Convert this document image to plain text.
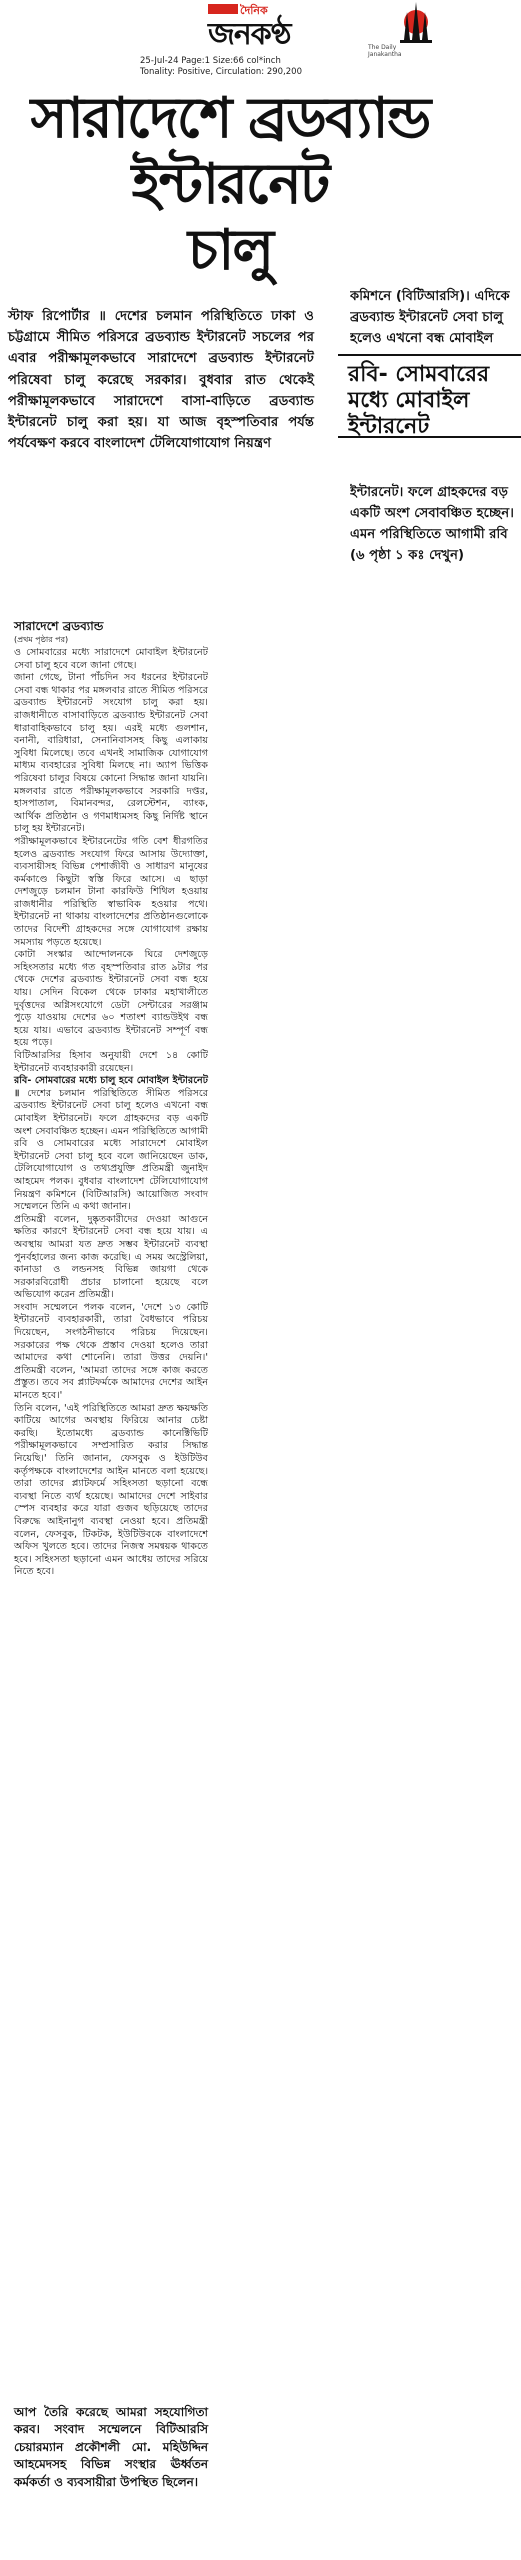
দৈনিক
জনকণ্ঠ	The Daily Janakantha
25-Jul-24 Page:1 Size:66 col*inch
Tonality: Positive, Circulation: 290,200
সারাদেশে ব্রডব্যান্ড
ইন্টারনেট
চালু
স্টাফ রিপোর্টার ॥ দেশের চলমান পরিস্থিতিতে ঢাকা ও চট্টগ্রামে সীমিত পরিসরে ব্রডব্যান্ড ইন্টারনেট সচলের পর এবার পরীক্ষামূলকভাবে সারাদেশে ব্রডব্যান্ড ইন্টারনেট পরিষেবা চালু করেছে সরকার। বুধবার রাত থেকেই পরীক্ষামূলকভাবে সারাদেশে বাসা-বাড়িতে ব্রডব্যান্ড ইন্টারনেট চালু করা হয়। যা আজ বৃহস্পতিবার পর্যন্ত পর্যবেক্ষণ করবে বাংলাদেশ টেলিযোগাযোগ নিয়ন্ত্রণ
কমিশনে (বিটিআরসি)। এদিকে
ব্রডব্যান্ড ইন্টারনেট সেবা চালু
হলেও এখনো বন্ধ মোবাইল
রবি- সোমবারের
মধ্যে মোবাইল
ইন্টারনেট
ইন্টারনেট। ফলে গ্রাহকদের বড়
একটি অংশ সেবাবঞ্চিত হচ্ছেন।
এমন পরিস্থিতিতে আগামী রবি
(৬ পৃষ্ঠা ১ কঃ দেখুন)
সারাদেশে ব্রডব্যান্ড
(প্রথম পৃষ্ঠার পর)

ও সোমবারের মধ্যে সারাদেশে মোবাইল ইন্টারনেট সেবা চালু হবে বলে জানা গেছে।

জানা গেছে, টানা পাঁচদিন সব ধরনের ইন্টারনেট সেবা বন্ধ থাকার পর মঙ্গলবার রাতে সীমিত পরিসরে ব্রডব্যান্ড ইন্টারনেট সংযোগ চালু করা হয়। রাজধানীতে বাসাবাড়িতে ব্রডব্যান্ড ইন্টারনেট সেবা ধারাবাহিকভাবে চালু হয়। এরই মধ্যে গুলশান, বনানী, বারিধারা, সেনানিবাসসহ কিছু এলাকায় সুবিধা মিলেছে। তবে এখনই সামাজিক যোগাযোগ মাধ্যম ব্যবহারের সুবিধা মিলছে না। অ্যাপ ভিত্তিক পরিষেবা চালুর বিষয়ে কোনো সিদ্ধান্ত জানা যায়নি। মঙ্গলবার রাতে পরীক্ষামূলকভাবে সরকারি দপ্তর, হাসপাতাল, বিমানবন্দর, রেলস্টেশন, ব্যাংক, আর্থিক প্রতিষ্ঠান ও গণমাধ্যমসহ কিছু নির্দিষ্ট স্থানে চালু হয় ইন্টারনেট।

পরীক্ষামূলকভাবে ইন্টারনেটের গতি বেশ ধীরগতির হলেও ব্রডব্যান্ড সংযোগ ফিরে আসায় উদ্যোক্তা, ব্যবসায়ীসহ বিভিন্ন পেশাজীবী ও সাধারণ মানুষের কর্মকাণ্ডে কিছুটা স্বস্তি ফিরে আসে। এ ছাড়া দেশজুড়ে চলমান টানা কারফিউ শিথিল হওয়ায় রাজধানীর পরিস্থিতি স্বাভাবিক হওয়ার পথে। ইন্টারনেট না থাকায় বাংলাদেশের প্রতিষ্ঠানগুলোকে তাদের বিদেশী গ্রাহকদের সঙ্গে যোগাযোগ রক্ষায় সমস্যায় পড়তে হয়েছে।

কোটা সংস্কার আন্দোলনকে ঘিরে দেশজুড়ে সহিংসতার মধ্যে গত বৃহস্পতিবার রাত ৯টার পর থেকে দেশের ব্রডব্যান্ড ইন্টারনেট সেবা বন্ধ হয়ে যায়। সেদিন বিকেল থেকে ঢাকার মহাখালীতে দুর্বৃত্তদের অগ্নিসংযোগে ডেটা সেন্টারের সরঞ্জাম পুড়ে যাওয়ায় দেশের ৬০ শতাংশ ব্যান্ডউইথ বন্ধ হয়ে যায়। এভাবে ব্রডব্যান্ড ইন্টারনেট সম্পূর্ণ বন্ধ হয়ে পড়ে।

বিটিআরসির হিসাব অনুযায়ী দেশে ১৪ কোটি ইন্টারনেট ব্যবহারকারী রয়েছেন।

রবি- সোমবারের মধ্যে চালু হবে মোবাইল ইন্টারনেট ॥ দেশের চলমান পরিস্থিতিতে সীমিত পরিসরে ব্রডব্যান্ড ইন্টারনেট সেবা চালু হলেও এখনো বন্ধ মোবাইল ইন্টারনেট। ফলে গ্রাহকদের বড় একটি অংশ সেবাবঞ্চিত হচ্ছেন। এমন পরিস্থিতিতে আগামী রবি ও সোমবারের মধ্যে সারাদেশে মোবাইল ইন্টারনেট সেবা চালু হবে বলে জানিয়েছেন ডাক, টেলিযোগাযোগ ও তথ্যপ্রযুক্তি প্রতিমন্ত্রী জুনাইদ আহমেদ পলক। বুধবার বাংলাদেশ টেলিযোগাযোগ নিয়ন্ত্রণ কমিশনে (বিটিআরসি) আয়োজিত সংবাদ সম্মেলনে তিনি এ কথা জানান।

প্রতিমন্ত্রী বলেন, দুষ্কৃতকারীদের দেওয়া আগুনে ক্ষতির কারণে ইন্টারনেট সেবা বন্ধ হয়ে যায়। এ অবস্থায় আমরা যত দ্রুত সম্ভব ইন্টারনেট ব্যবস্থা পুনর্বহালের জন্য কাজ করেছি। এ সময় অস্ট্রেলিয়া, কানাডা ও লন্ডনসহ বিভিন্ন জায়গা থেকে সরকারবিরোধী প্রচার চালানো হয়েছে বলে অভিযোগ করেন প্রতিমন্ত্রী।

সংবাদ সম্মেলনে পলক বলেন, 'দেশে ১৩ কোটি ইন্টারনেট ব্যবহারকারী, তারা বৈধভাবে পরিচয় দিয়েছেন, সংগঠনীভাবে পরিচয় দিয়েছেন। সরকারের পক্ষ থেকে প্রস্তাব দেওয়া হলেও তারা আমাদের কথা শোনেনি। তারা উত্তর দেয়নি।' প্রতিমন্ত্রী বলেন, 'আমরা তাদের সঙ্গে কাজ করতে প্রস্তুত। তবে সব প্ল্যাটফর্মকে আমাদের দেশের আইন মানতে হবে।'

তিনি বলেন, 'এই পরিস্থিতিতে আমরা দ্রুত ক্ষয়ক্ষতি কাটিয়ে আগের অবস্থায় ফিরিয়ে আনার চেষ্টা করছি। ইতোমধ্যে ব্রডব্যান্ড কানেক্টিভিটি পরীক্ষামূলকভাবে সম্প্রসারিত করার সিদ্ধান্ত নিয়েছি।' তিনি জানান, ফেসবুক ও ইউটিউব কর্তৃপক্ষকে বাংলাদেশের আইন মানতে বলা হয়েছে। তারা তাদের প্ল্যাটফর্মে সহিংসতা ছড়ানো বন্ধে ব্যবস্থা নিতে ব্যর্থ হয়েছে। আমাদের দেশে সাইবার স্পেস ব্যবহার করে যারা গুজব ছড়িয়েছে তাদের বিরুদ্ধে আইনানুগ ব্যবস্থা নেওয়া হবে। প্রতিমন্ত্রী বলেন, ফেসবুক, টিকটক, ইউটিউবকে বাংলাদেশে অফিস খুলতে হবে। তাদের নিজস্ব সমন্বয়ক থাকতে হবে। সহিংসতা ছড়ানো এমন আধেয় তাদের সরিয়ে নিতে হবে।

আপ তৈরি করেছে আমরা সহযোগিতা করব। সংবাদ সম্মেলনে বিটিআরসি চেয়ারম্যান প্রকৌশলী মো. মহিউদ্দিন আহমেদসহ বিভিন্ন সংস্থার ঊর্ধ্বতন কর্মকর্তা ও ব্যবসায়ীরা উপস্থিত ছিলেন।
